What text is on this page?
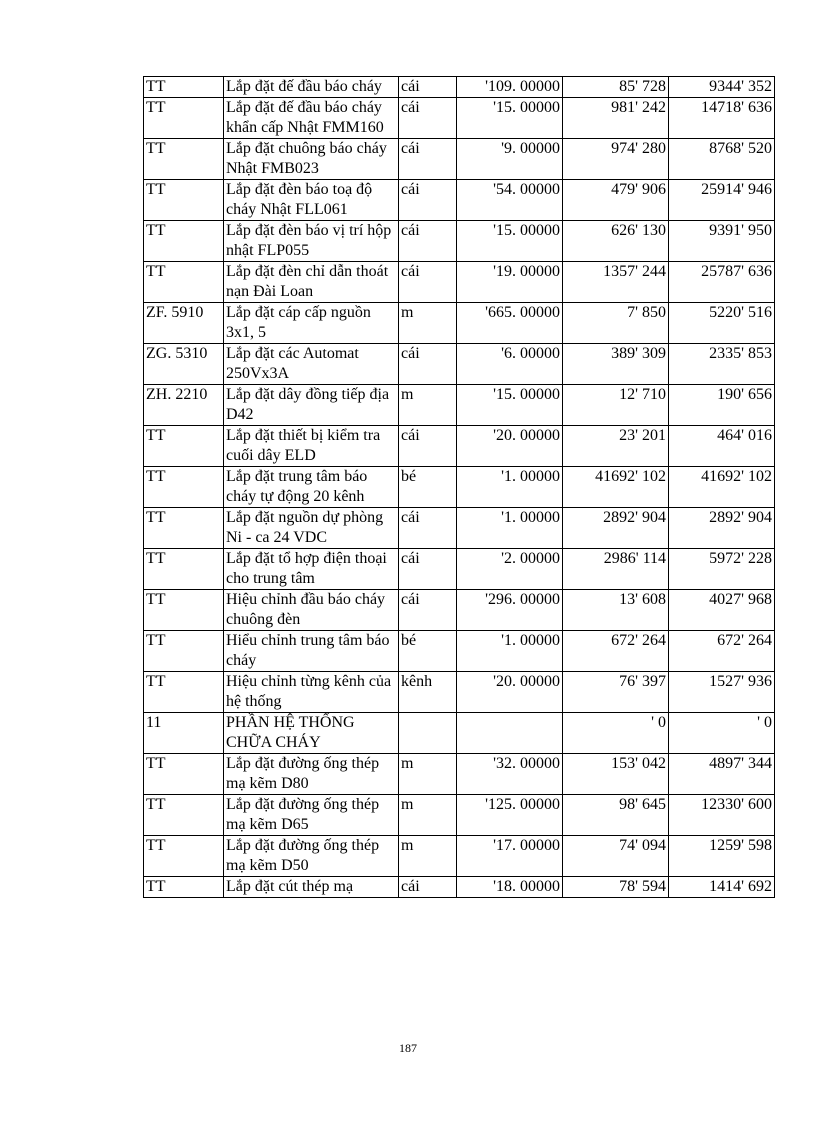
TT	Lắp đặt đế đầu báo cháy	cái	'109. 00000	85' 728	9344' 352
TT	Lắp đặt đế đầu báo cháy khẩn cấp Nhật FMM160	cái	'15. 00000	981' 242	14718' 636
TT	Lắp đặt chuông báo cháy Nhật FMB023	cái	'9. 00000	974' 280	8768' 520
TT	Lắp đặt đèn báo toạ độ cháy Nhật FLL061	cái	'54. 00000	479' 906	25914' 946
TT	Lắp đặt đèn báo vị trí hộp nhật FLP055	cái	'15. 00000	626' 130	9391' 950
TT	Lắp đặt đèn chỉ dẫn thoát nạn Đài Loan	cái	'19. 00000	1357' 244	25787' 636
ZF. 5910	Lắp đặt cáp cấp nguồn 3x1, 5	m	'665. 00000	7' 850	5220' 516
ZG. 5310	Lắp đặt các Automat 250Vx3A	cái	'6. 00000	389' 309	2335' 853
ZH. 2210	Lắp đặt dây đồng tiếp địa D42	m	'15. 00000	12' 710	190' 656
TT	Lắp đặt thiết bị kiểm tra cuối dây ELD	cái	'20. 00000	23' 201	464' 016
TT	Lắp đặt trung tâm báo cháy tự động 20 kênh	bé	'1. 00000	41692' 102	41692' 102
TT	Lắp đặt nguồn dự phòng Ni - ca 24 VDC	cái	'1. 00000	2892' 904	2892' 904
TT	Lắp đặt tổ hợp điện thoại cho trung tâm	cái	'2. 00000	2986' 114	5972' 228
TT	Hiệu chỉnh đầu báo cháy chuông đèn	cái	'296. 00000	13' 608	4027' 968
TT	Hiểu chỉnh trung tâm báo cháy	bé	'1. 00000	672' 264	672' 264
TT	Hiệu chỉnh từng kênh của hệ thống	kênh	'20. 00000	76' 397	1527' 936
11	PHẦN HỆ THỐNG CHỮA CHÁY			' 0	' 0
TT	Lắp đặt đường ống thép mạ kẽm D80	m	'32. 00000	153' 042	4897' 344
TT	Lắp đặt đường ống thép mạ kẽm D65	m	'125. 00000	98' 645	12330' 600
TT	Lắp đặt đường ống thép mạ kẽm D50	m	'17. 00000	74' 094	1259' 598
TT	Lắp đặt cút thép mạ	cái	'18. 00000	78' 594	1414' 692
187
